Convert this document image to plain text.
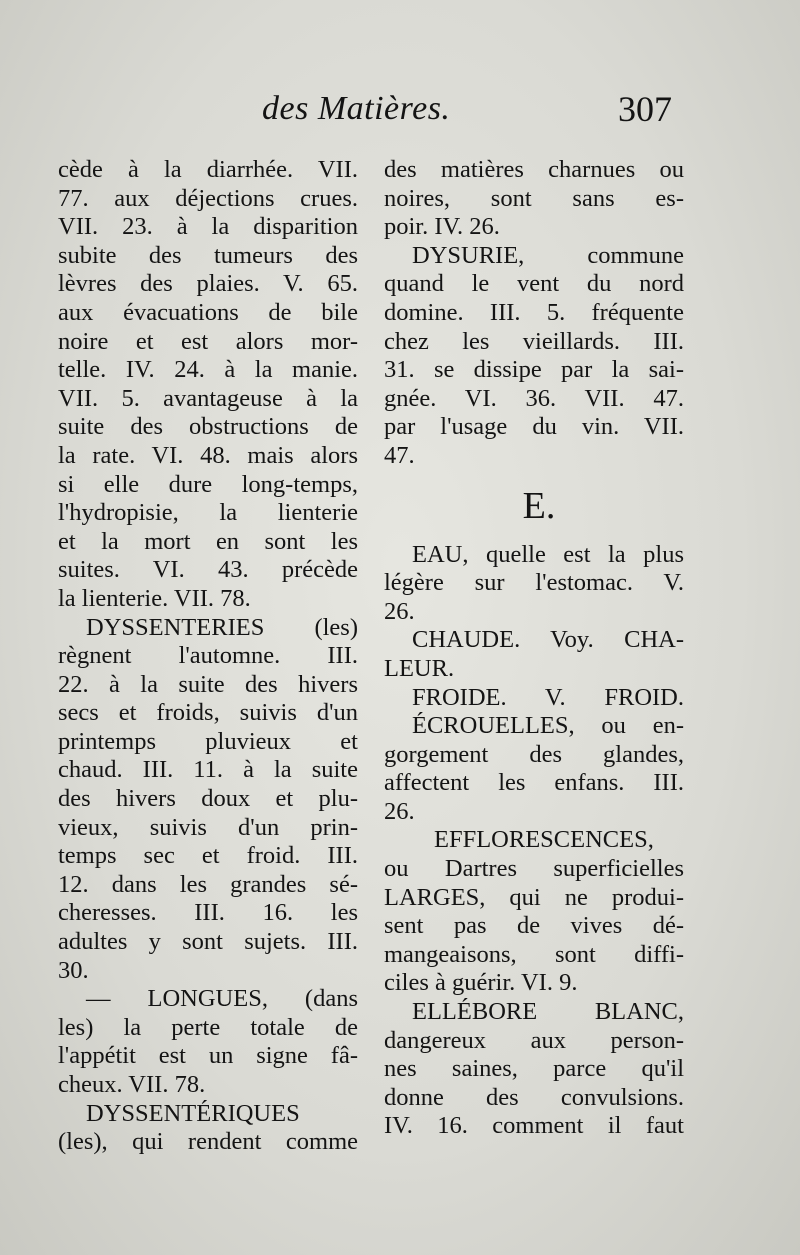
des Matières.	307
cède à la diarrhée. VII.
77. aux déjections crues.
VII. 23. à la disparition
subite des tumeurs des
lèvres des plaies. V. 65.
aux évacuations de bile
noire et est alors mor-
telle. IV. 24. à la manie.
VII. 5. avantageuse à la
suite des obstructions de
la rate. VI. 48. mais alors
si elle dure long-temps,
l'hydropisie, la lienterie
et la mort en sont les
suites. VI. 43. précède
la lienterie. VII. 78.
DYSSENTERIES (les)
règnent l'automne. III.
22. à la suite des hivers
secs et froids, suivis d'un
printemps pluvieux et
chaud. III. 11. à la suite
des hivers doux et plu-
vieux, suivis d'un prin-
temps sec et froid. III.
12. dans les grandes sé-
cheresses. III. 16. les
adultes y sont sujets. III.
30.
— LONGUES, (dans
les) la perte totale de
l'appétit est un signe fâ-
cheux. VII. 78.
DYSSENTÉRIQUES
(les), qui rendent comme
des matières charnues ou
noires, sont sans es-
poir. IV. 26.
DYSURIE, commune
quand le vent du nord
domine. III. 5. fréquente
chez les vieillards. III.
31. se dissipe par la sai-
gnée. VI. 36. VII. 47.
par l'usage du vin. VII.
47.
E.
EAU, quelle est la plus
légère sur l'estomac. V.
26.
CHAUDE. Voy. CHA-
LEUR.
FROIDE. V. FROID.
ÉCROUELLES, ou en-
gorgement des glandes,
affectent les enfans. III.
26.
EFFLORESCENCES,
ou Dartres superficielles
LARGES, qui ne produi-
sent pas de vives dé-
mangeaisons, sont diffi-
ciles à guérir. VI. 9.
ELLÉBORE BLANC,
dangereux aux person-
nes saines, parce qu'il
donne des convulsions.
IV. 16. comment il faut
